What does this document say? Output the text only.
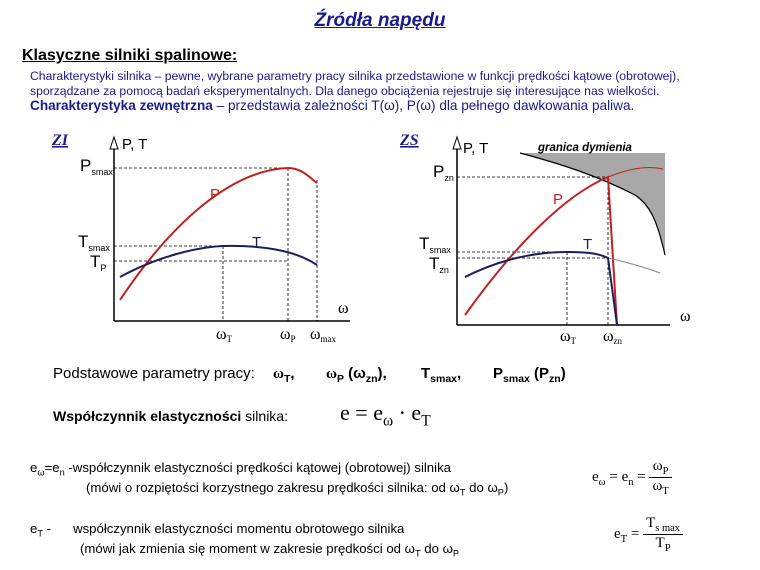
Źródła napędu
Klasyczne silniki spalinowe:
Charakterystyki silnika – pewne, wybrane parametry pracy silnika przedstawione w funkcji prędkości kątowe (obrotowej), sporządzane za pomocą badań eksperymentalnych. Dla danego obciążenia rejestruje się interesujące nas wielkości.
Charakterystyka zewnętrzna – przedstawia zależności T(ω), P(ω) dla pełnego dawkowania paliwa.
ZI	P, T
ω
P
T
$P_{smax}$
$T_{smax}$
$T_P$
ωT	ωP ωmax
ZS	granica dymienia
P, T
ω
P
T
$P_{zn}$
$T_{smax}$
$T_{zn}$
ωT ωzn
Podstawowe parametry pracy: $\omega_T$, $\omega_P$ $(\omega_{zn})$, $T_{smax}$, $P_{smax}$ $(P_{zn})$
Współczynnik elastyczności silnika: $e = e_\omega \cdot e_T$
$e_\omega=e_n$ -współczynnik elastyczności prędkości kątowej (obrotowej) silnika
(mówi o rozpiętości korzystnego zakresu prędkości silnika: od $\omega_T$ do $\omega_P$)
$e_\omega = e_n = \frac{\omega_P}{\omega_T}$
$e_T$ - współczynnik elastyczności momentu obrotowego silnika
(mówi jak zmienia się moment w zakresie prędkości od $\omega_T$ do $\omega_P$
$e_T = \frac{T_{s max}}{T_P}$
